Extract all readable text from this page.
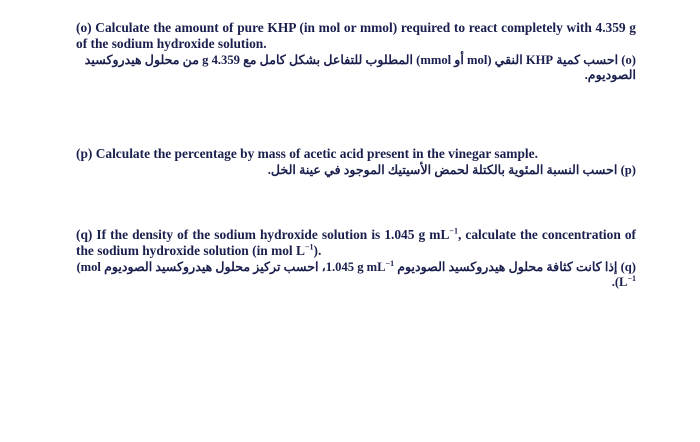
(o) Calculate the amount of pure KHP (in mol or mmol) required to react completely with 4.359 g of the sodium hydroxide solution.

(o) احسب كمية KHP النقي (mol أو mmol) المطلوب للتفاعل بشكل كامل مع 4.359 g من محلول هيدروكسيد الصوديوم.

(p) Calculate the percentage by mass of acetic acid present in the vinegar sample.

(p) احسب النسبة المئوية بالكتلة لحمض الأسيتيك الموجود في عينة الخل.

(q) If the density of the sodium hydroxide solution is 1.045 g $mL^{-1}$, calculate the concentration of the sodium hydroxide solution (in mol $L^{-1}$).

(q) إذا كانت كثافة محلول هيدروكسيد الصوديوم 1.045 g $mL^{-1}،$ احسب تركيز محلول هيدروكسيد الصوديوم (mol $L^{-1}$).
